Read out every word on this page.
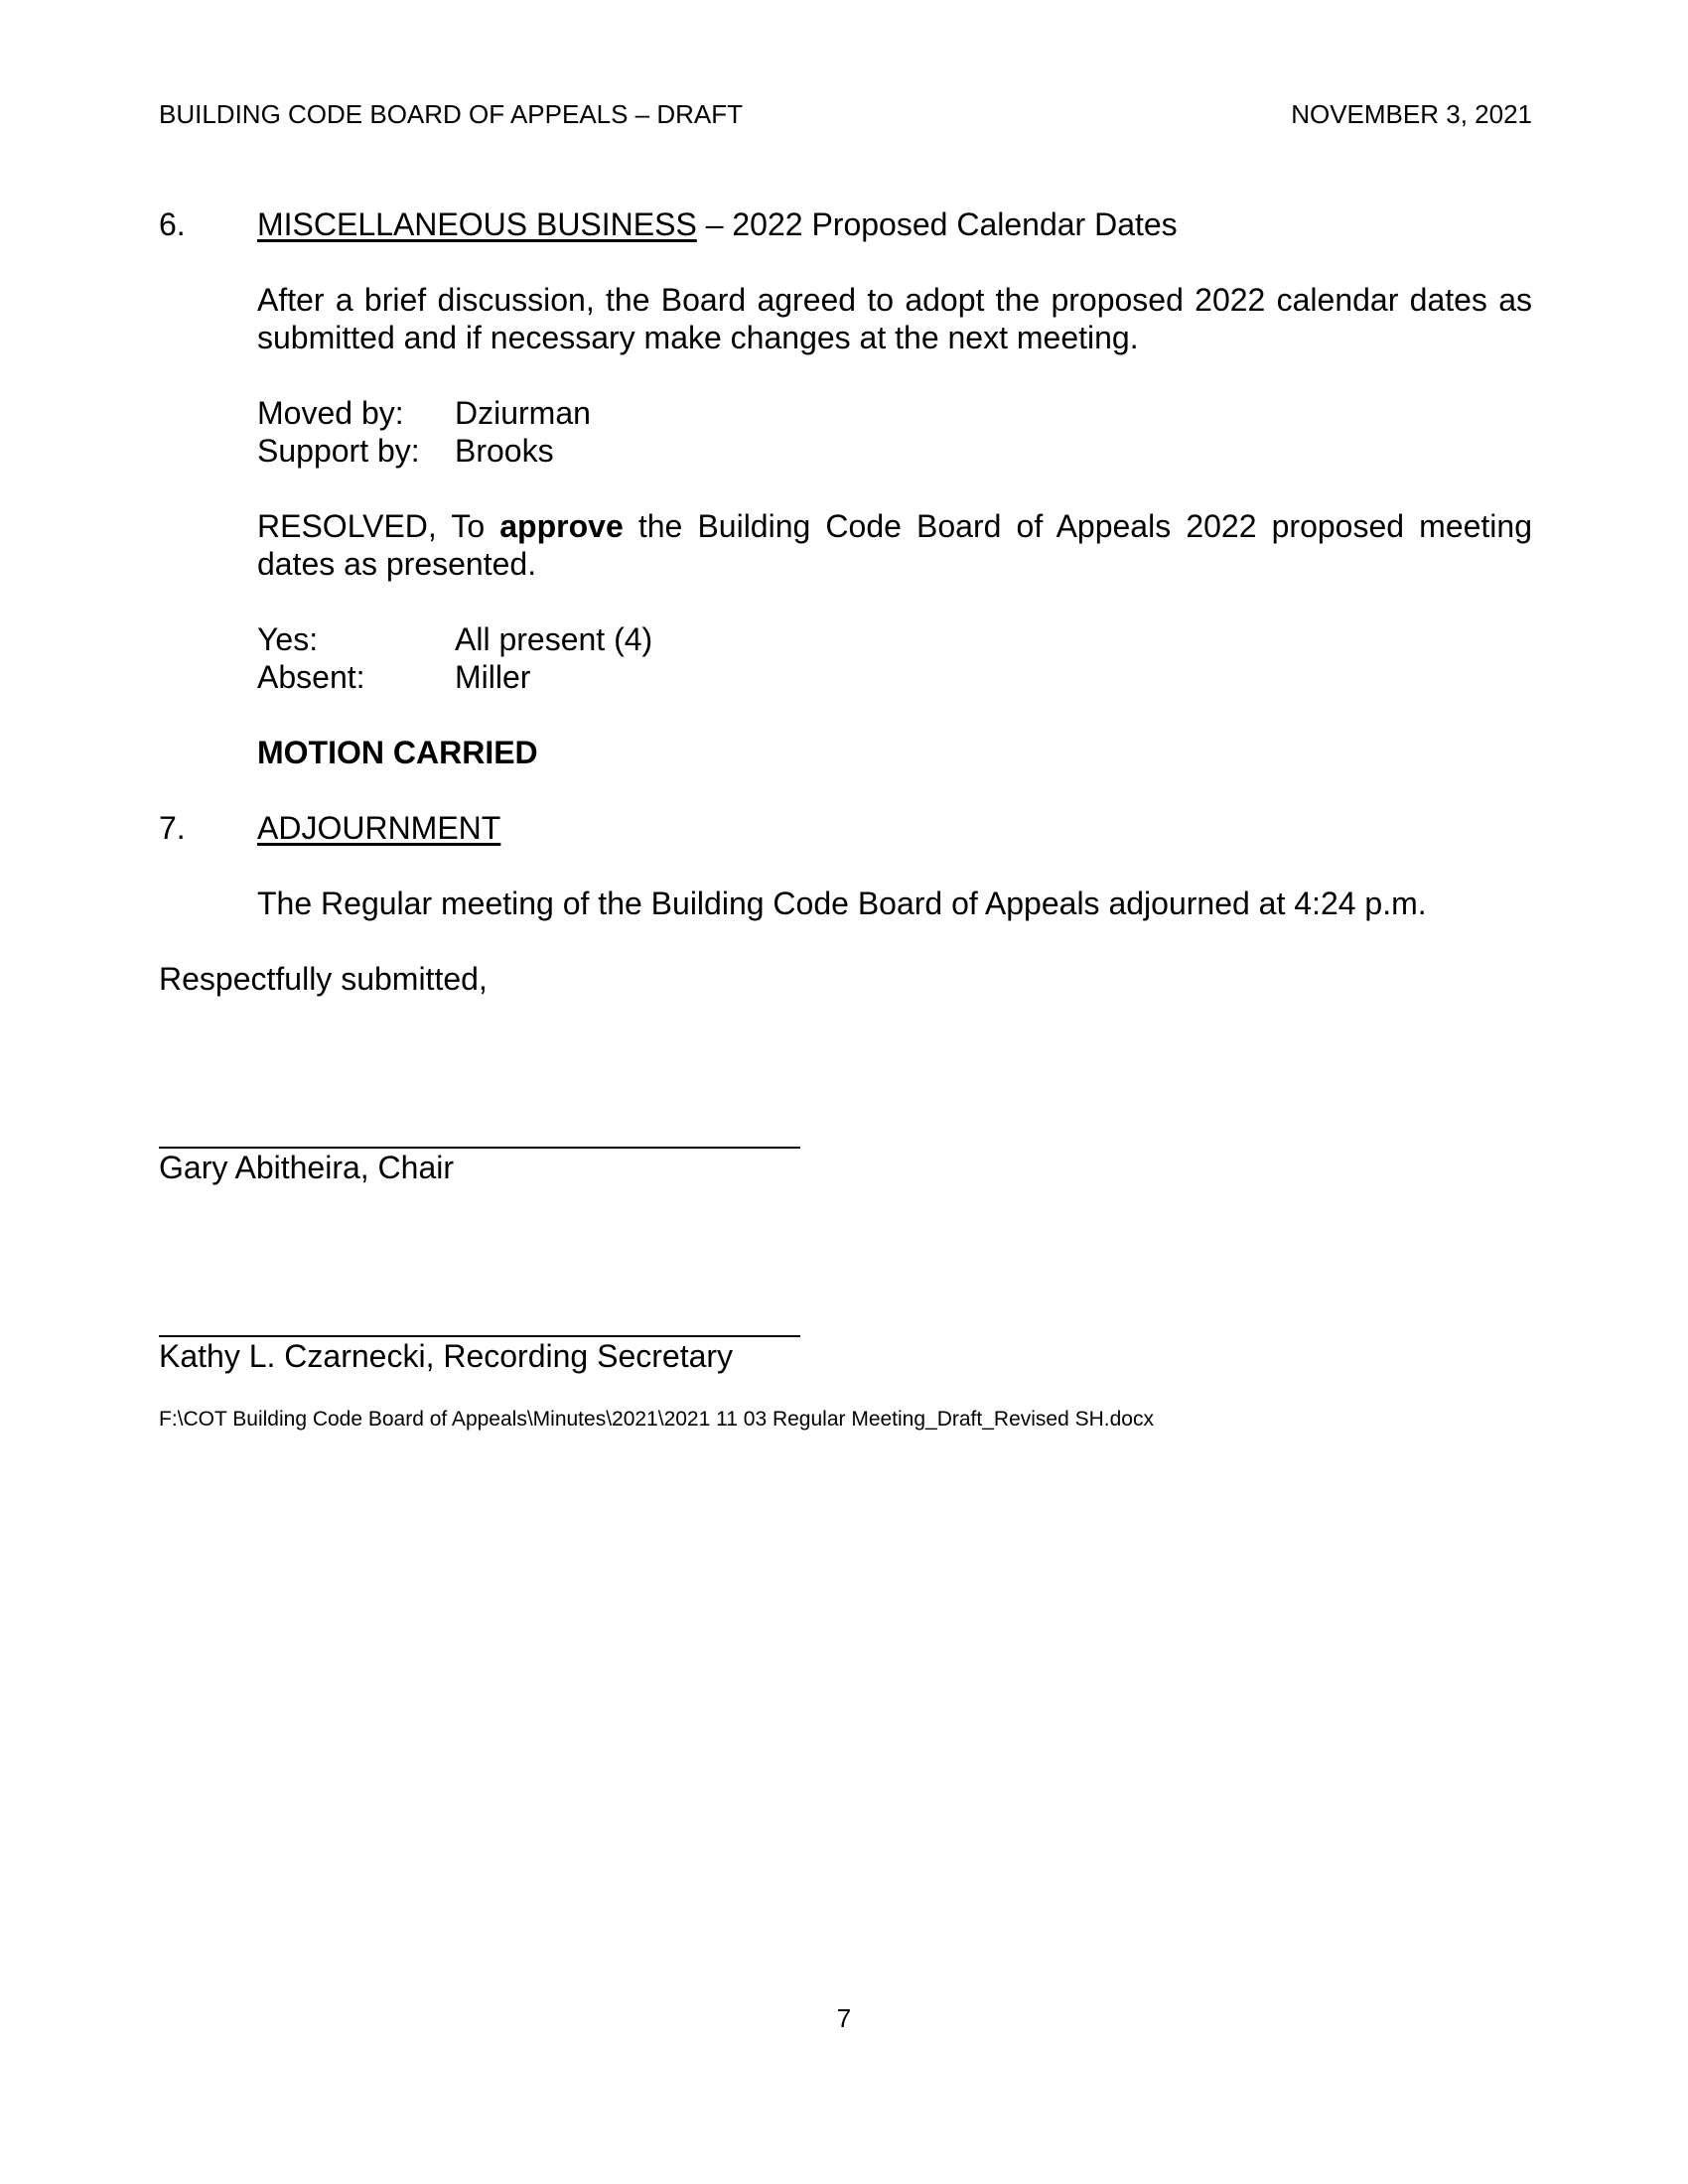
BUILDING CODE BOARD OF APPEALS – DRAFT	NOVEMBER 3, 2021
6. MISCELLANEOUS BUSINESS – 2022 Proposed Calendar Dates
After a brief discussion, the Board agreed to adopt the proposed 2022 calendar dates as submitted and if necessary make changes at the next meeting.
Moved by: Dziurman
Support by: Brooks
RESOLVED, To approve the Building Code Board of Appeals 2022 proposed meeting dates as presented.
Yes:	All present (4)
Absent:	Miller
MOTION CARRIED
7. ADJOURNMENT
The Regular meeting of the Building Code Board of Appeals adjourned at 4:24 p.m.
Respectfully submitted,
Gary Abitheira, Chair
Kathy L. Czarnecki, Recording Secretary
F:\COT Building Code Board of Appeals\Minutes\2021\2021 11 03 Regular Meeting_Draft_Revised SH.docx
7
